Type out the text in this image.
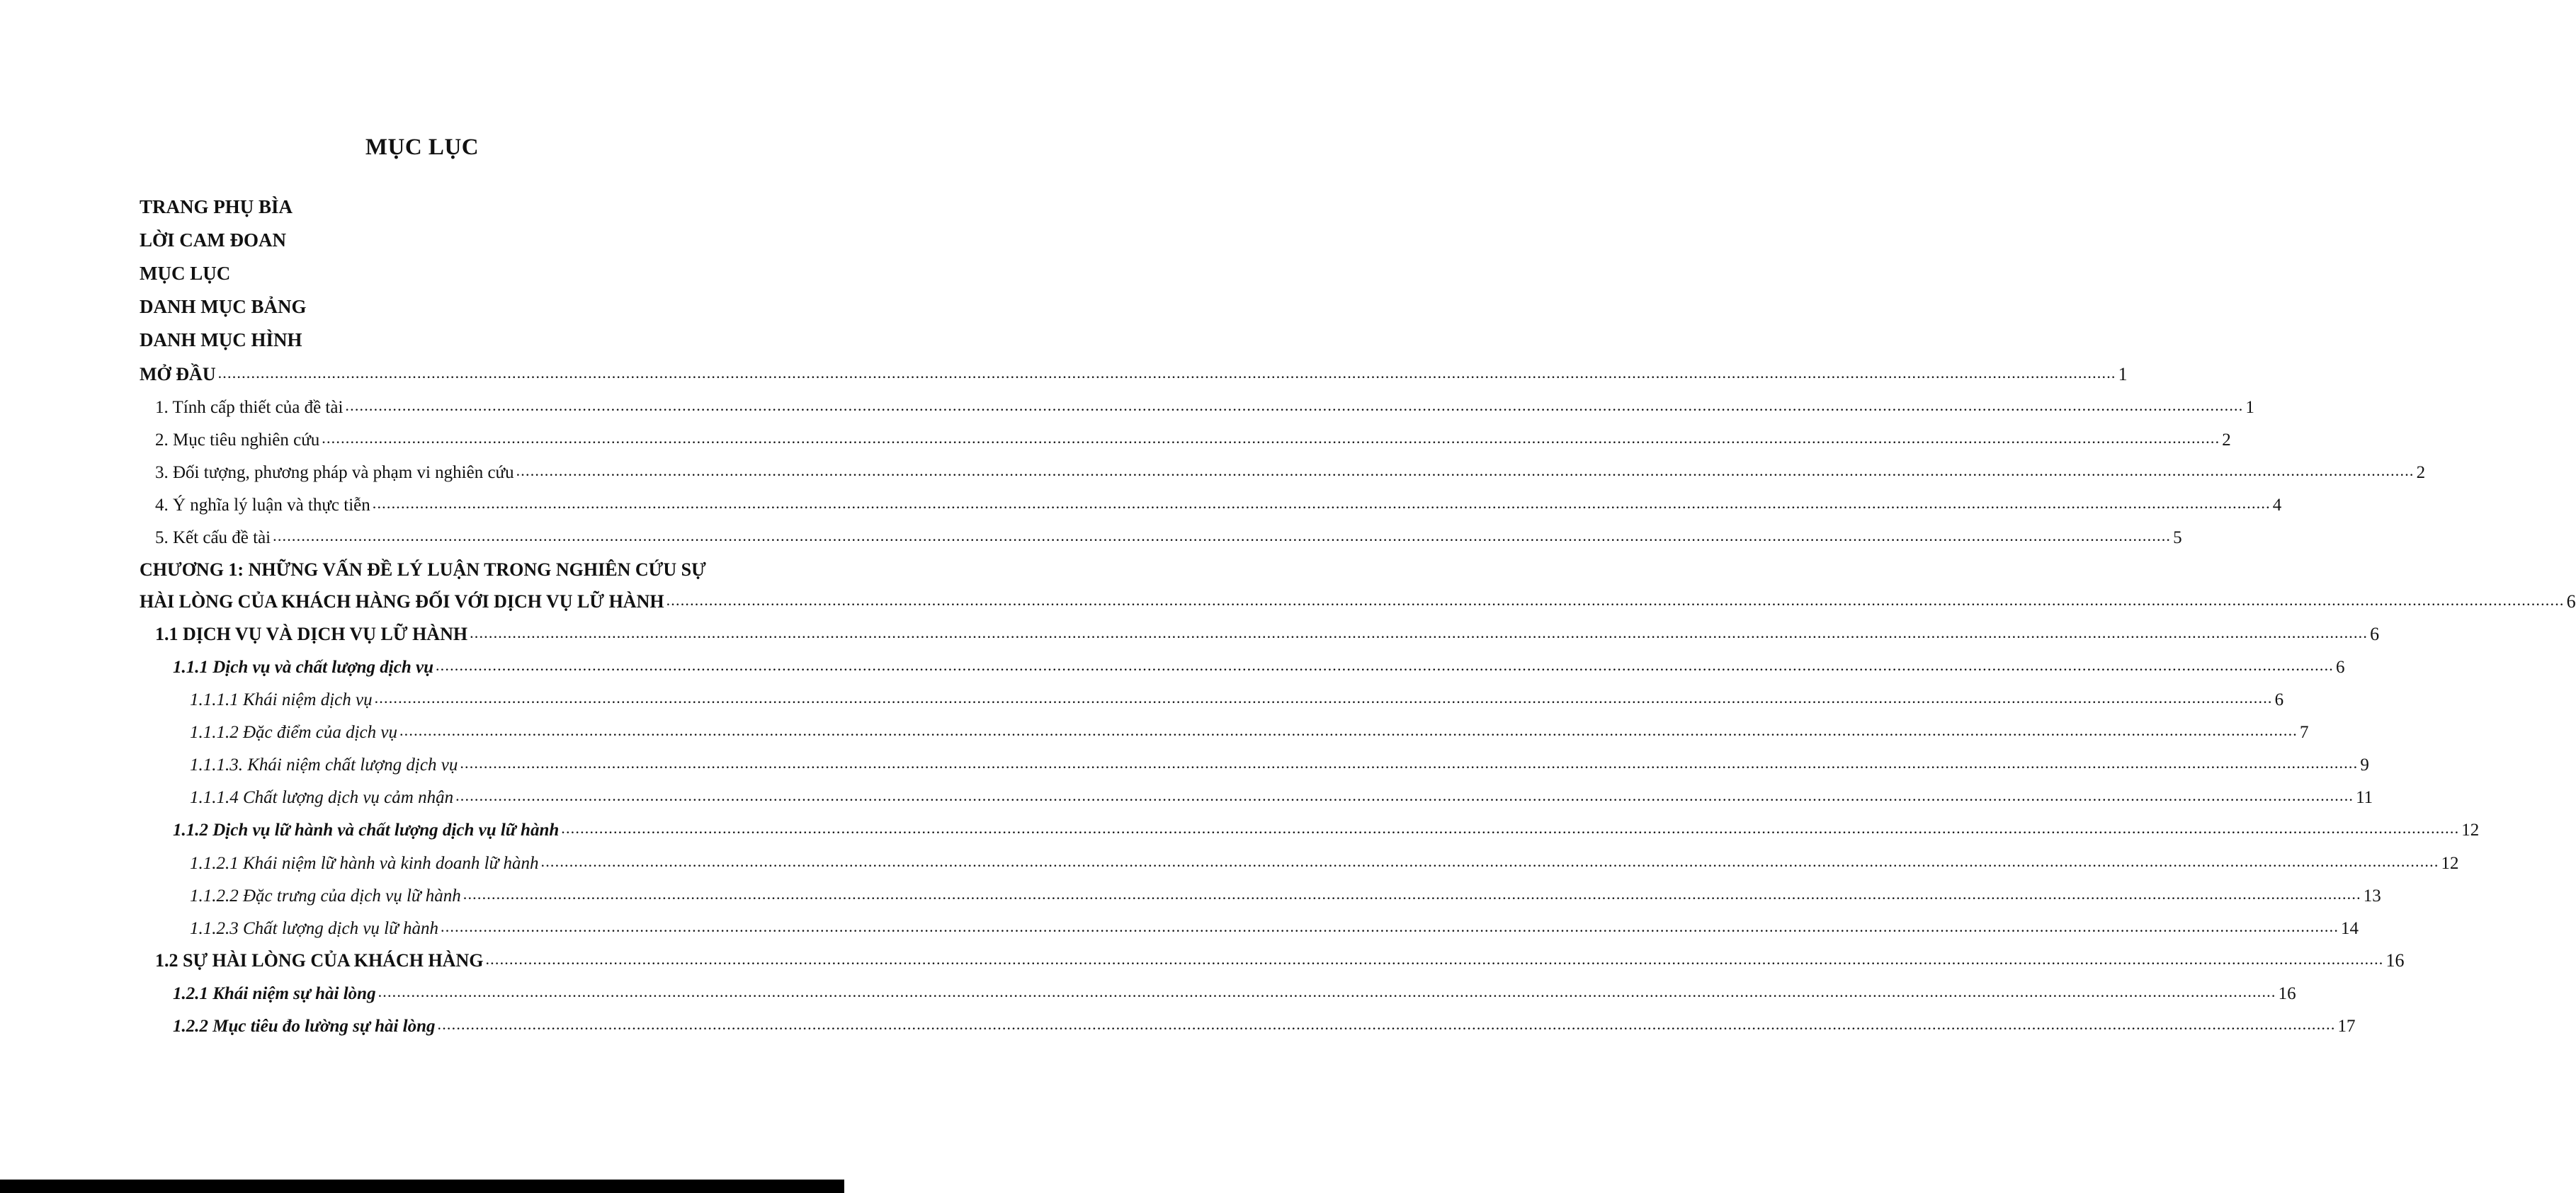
MỤC LỤC
TRANG PHỤ BÌA
LỜI CAM ĐOAN
MỤC LỤC
DANH MỤC BẢNG
DANH MỤC HÌNH
MỞ ĐẦU ................................................................................................................................................................................................................................................................................................................................................................................................................ 1
1. Tính cấp thiết của đề tài ................................................................................................................................................................................................................................................................................................................................................................................................................ 1
2. Mục tiêu nghiên cứu ................................................................................................................................................................................................................................................................................................................................................................................................................ 2
3. Đối tượng, phương pháp và phạm vi nghiên cứu ................................................................................................................................................................................................................................................................................................................................................................................................................ 2
4. Ý nghĩa lý luận và thực tiễn ................................................................................................................................................................................................................................................................................................................................................................................................................ 4
5. Kết cấu đề tài ................................................................................................................................................................................................................................................................................................................................................................................................................ 5
CHƯƠNG 1: NHỮNG VẤN ĐỀ LÝ LUẬN TRONG NGHIÊN CỨU SỰ
HÀI LÒNG CỦA KHÁCH HÀNG ĐỐI VỚI DỊCH VỤ LỮ HÀNH ................................................................................................................................................................................................................................................................................................................................................................................................................ 6
1.1 DỊCH VỤ VÀ DỊCH VỤ LỮ HÀNH ................................................................................................................................................................................................................................................................................................................................................................................................................ 6
1.1.1 Dịch vụ và chất lượng dịch vụ ................................................................................................................................................................................................................................................................................................................................................................................................................ 6
1.1.1.1 Khái niệm dịch vụ ................................................................................................................................................................................................................................................................................................................................................................................................................ 6
1.1.1.2 Đặc điểm của dịch vụ ................................................................................................................................................................................................................................................................................................................................................................................................................ 7
1.1.1.3. Khái niệm chất lượng dịch vụ ................................................................................................................................................................................................................................................................................................................................................................................................................ 9
1.1.1.4 Chất lượng dịch vụ cảm nhận ................................................................................................................................................................................................................................................................................................................................................................................................................ 11
1.1.2 Dịch vụ lữ hành và chất lượng dịch vụ lữ hành ................................................................................................................................................................................................................................................................................................................................................................................................................ 12
1.1.2.1 Khái niệm lữ hành và kinh doanh lữ hành ................................................................................................................................................................................................................................................................................................................................................................................................................ 12
1.1.2.2 Đặc trưng của dịch vụ lữ hành ................................................................................................................................................................................................................................................................................................................................................................................................................ 13
1.1.2.3 Chất lượng dịch vụ lữ hành ................................................................................................................................................................................................................................................................................................................................................................................................................ 14
1.2 SỰ HÀI LÒNG CỦA KHÁCH HÀNG ................................................................................................................................................................................................................................................................................................................................................................................................................ 16
1.2.1 Khái niệm sự hài lòng ................................................................................................................................................................................................................................................................................................................................................................................................................ 16
1.2.2 Mục tiêu đo lường sự hài lòng ................................................................................................................................................................................................................................................................................................................................................................................................................ 17
